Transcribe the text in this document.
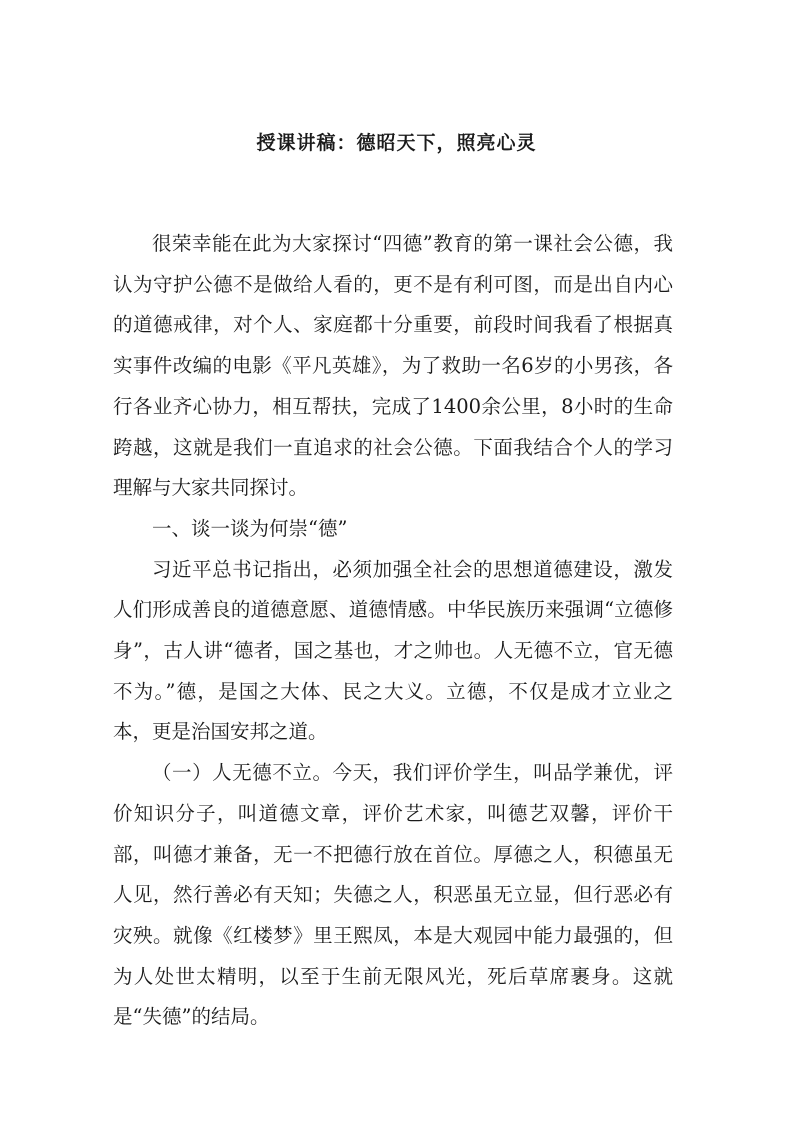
授课讲稿：德昭天下，照亮心灵

很荣幸能在此为大家探讨“四德”教育的第一课社会公德，我认为守护公德不是做给人看的，更不是有利可图，而是出自内心的道德戒律，对个人、家庭都十分重要，前段时间我看了根据真实事件改编的电影《平凡英雄》，为了救助一名6岁的小男孩，各行各业齐心协力，相互帮扶，完成了1400余公里，8小时的生命跨越，这就是我们一直追求的社会公德。下面我结合个人的学习理解与大家共同探讨。

一、谈一谈为何崇“德”

习近平总书记指出，必须加强全社会的思想道德建设，激发人们形成善良的道德意愿、道德情感。中华民族历来强调“立德修身”，古人讲“德者，国之基也，才之帅也。人无德不立，官无德不为。”德，是国之大体、民之大义。立德，不仅是成才立业之本，更是治国安邦之道。

（一）人无德不立。今天，我们评价学生，叫品学兼优，评价知识分子，叫道德文章，评价艺术家，叫德艺双馨，评价干部，叫德才兼备，无一不把德行放在首位。厚德之人，积德虽无人见，然行善必有天知；失德之人，积恶虽无立显，但行恶必有灾殃。就像《红楼梦》里王熙凤，本是大观园中能力最强的，但为人处世太精明，以至于生前无限风光，死后草席裹身。这就是“失德”的结局。
